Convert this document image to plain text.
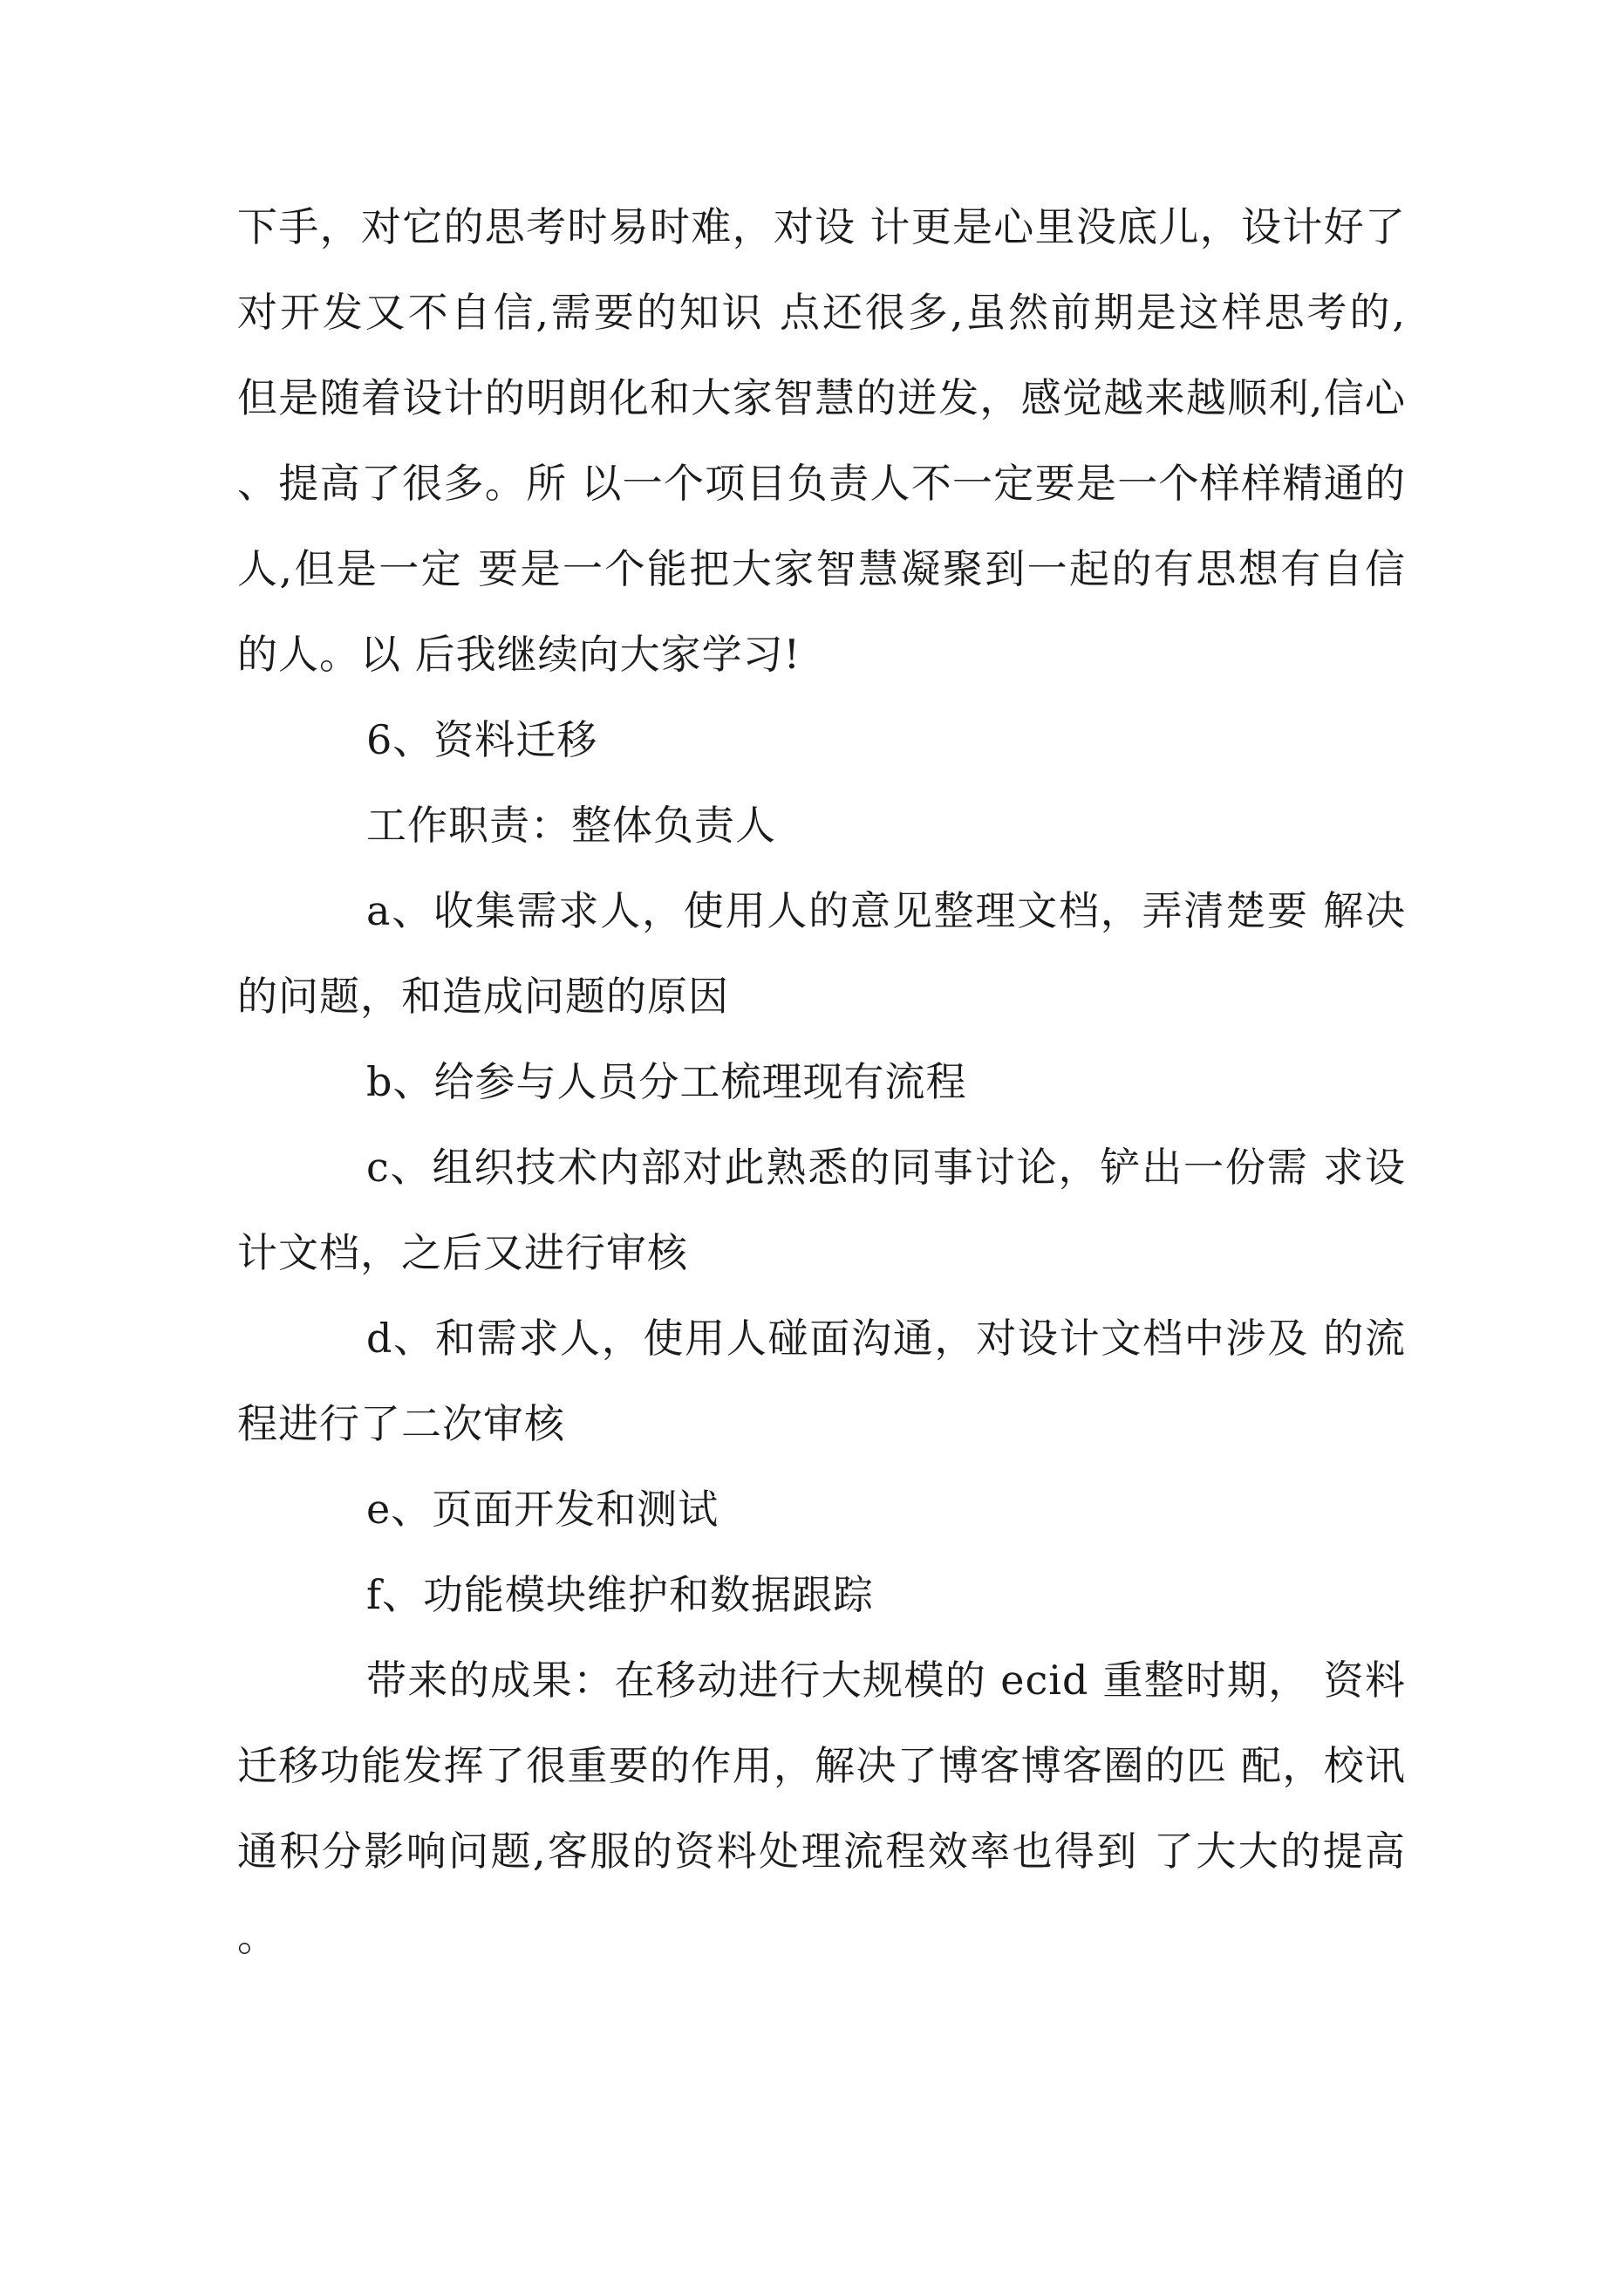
下手，对它的思考时易时难，对设 计更是心里没底儿，设计好了
对开发又不自信,需要的知识 点还很多,虽然前期是这样思考的,
但是随着设计的明朗化和大家智慧的迸发，感觉越来越顺利,信心
、提高了很多。所 以一个项目负责人不一定要是一个样样精通的
人,但是一定 要是一个能把大家智慧凝聚到一起的有思想有自信
的人。以 后我继续向大家学习!
6、资料迁移
工作职责：整体负责人
a、收集需求人，使用人的意见整理文档，弄清楚要 解决
的问题，和造成问题的原因
b、给参与人员分工梳理现有流程
c、组织技术内部对此熟悉的同事讨论，铲出一份需 求设
计文档，之后又进行审核
d、和需求人，使用人碰面沟通，对设计文档中涉及 的流
程进行了二次审核
e、页面开发和测试
f、功能模块维护和数据跟踪
带来的成果：在移动进行大规模的 ecid 重整时期， 资料
迁移功能发挥了很重要的作用，解决了博客博客圈的匹 配，校讯
通积分影响问题,客服的资料处理流程效率也得到 了大大的提高
。
